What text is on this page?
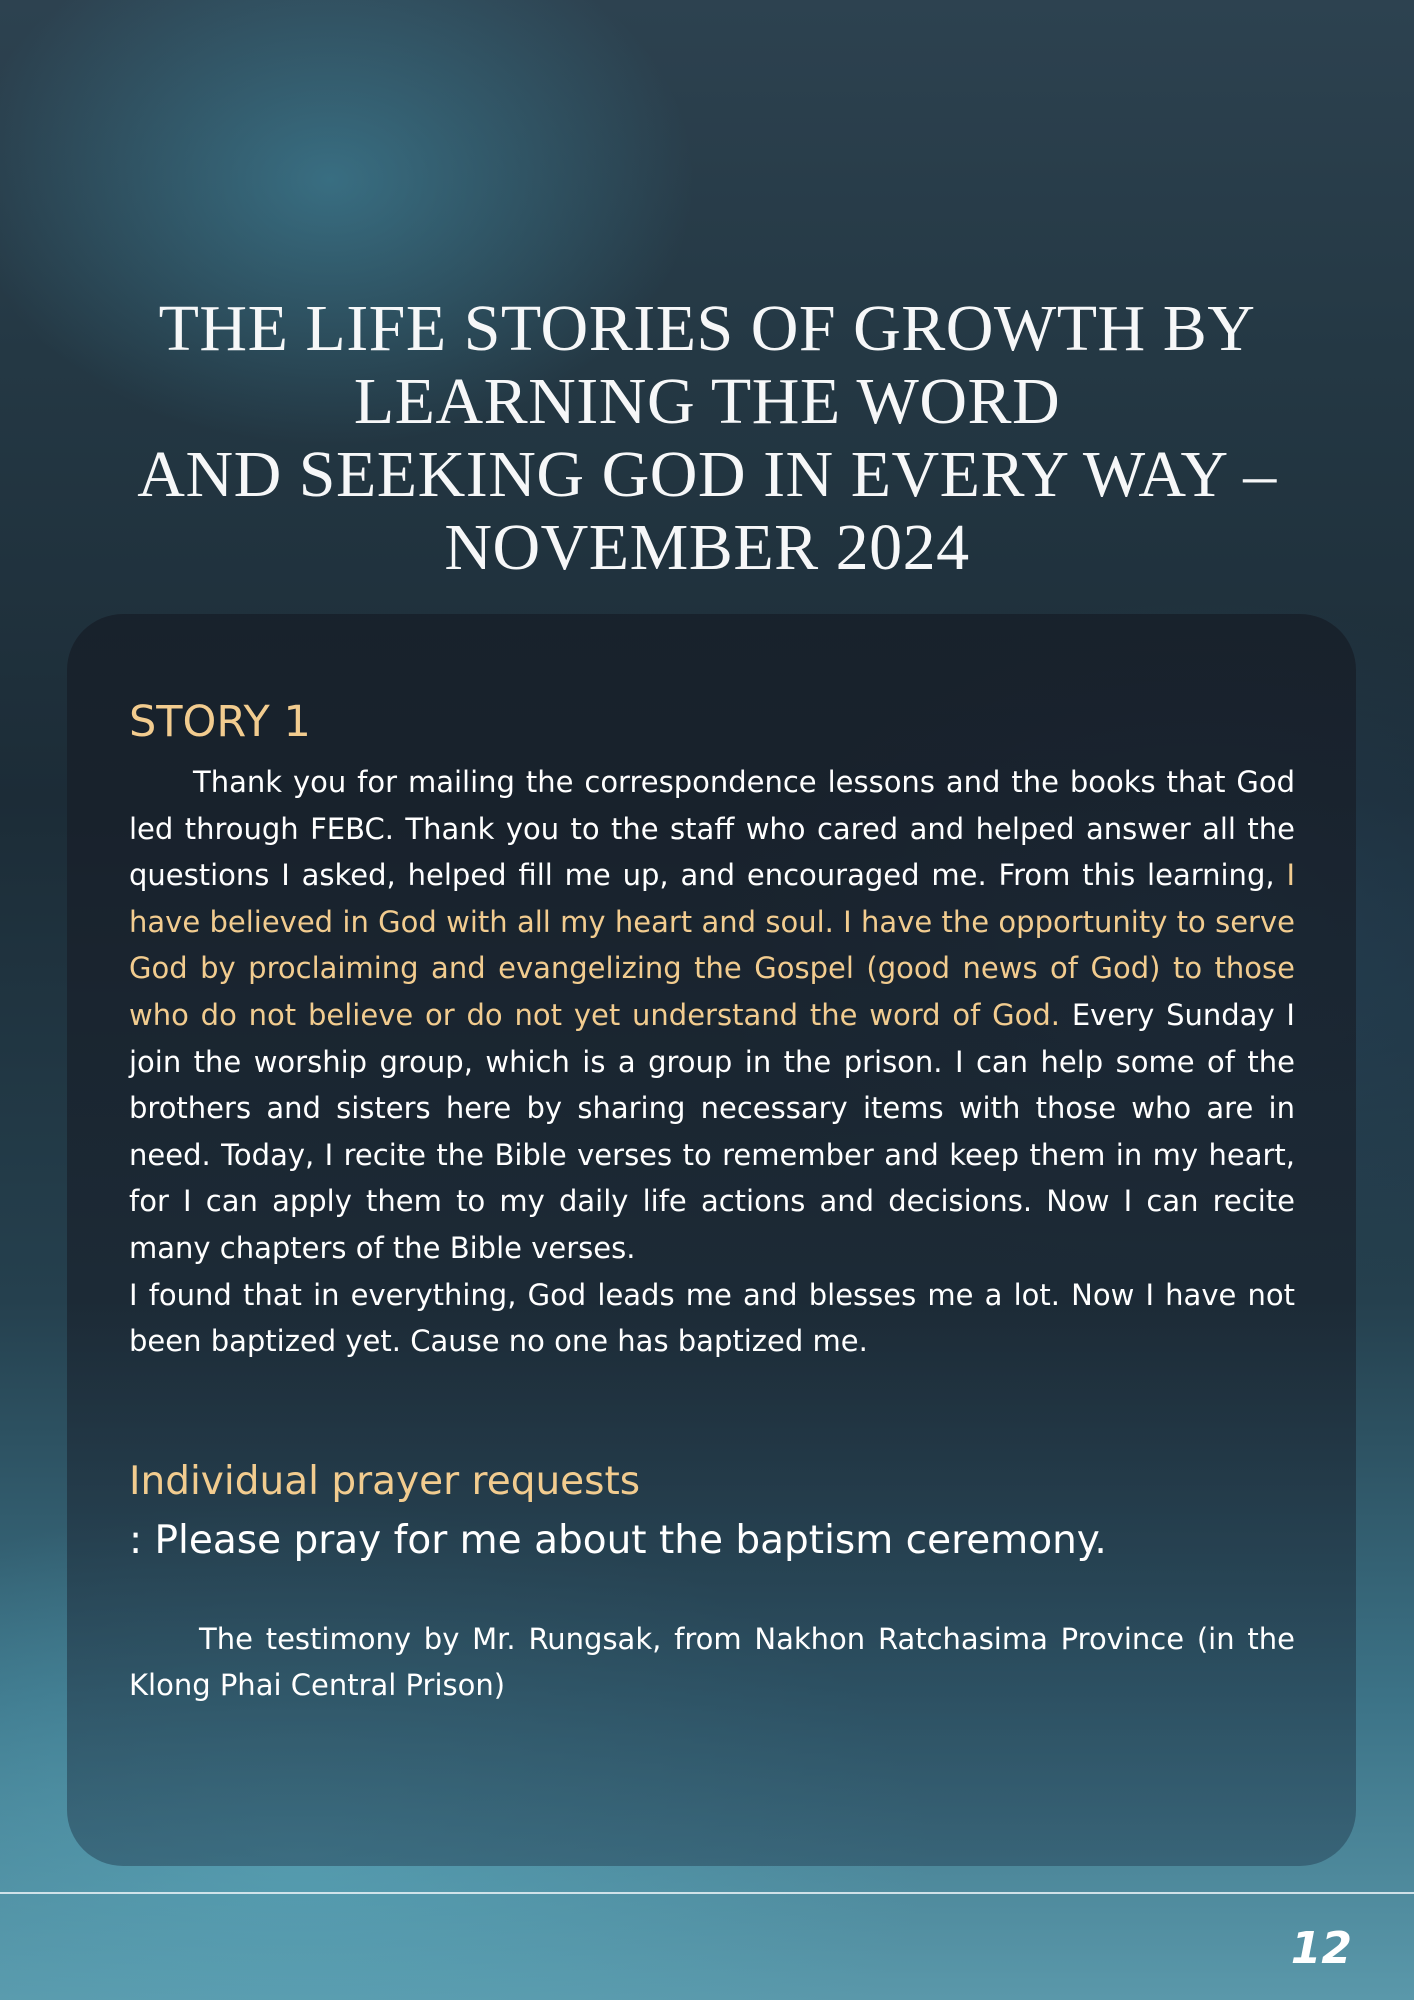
THE LIFE STORIES OF GROWTH BY
LEARNING THE WORD
AND SEEKING GOD IN EVERY WAY –
NOVEMBER 2024
STORY 1

Thank you for mailing the correspondence lessons and the books that God led through FEBC. Thank you to the staff who cared and helped answer all the questions I asked, helped fill me up, and encouraged me. From this learning, I have believed in God with all my heart and soul. I have the opportunity to serve God by proclaiming and evangelizing the Gospel (good news of God) to those who do not believe or do not yet understand the word of God. Every Sunday I join the worship group, which is a group in the prison. I can help some of the brothers and sisters here by sharing necessary items with those who are in need. Today, I recite the Bible verses to remember and keep them in my heart, for I can apply them to my daily life actions and decisions. Now I can recite many chapters of the Bible verses.
I found that in everything, God leads me and blesses me a lot. Now I have not been baptized yet. Cause no one has baptized me.

Individual prayer requests

: Please pray for me about the baptism ceremony.

The testimony by Mr. Rungsak, from Nakhon Ratchasima Province (in the Klong Phai Central Prison)

12
